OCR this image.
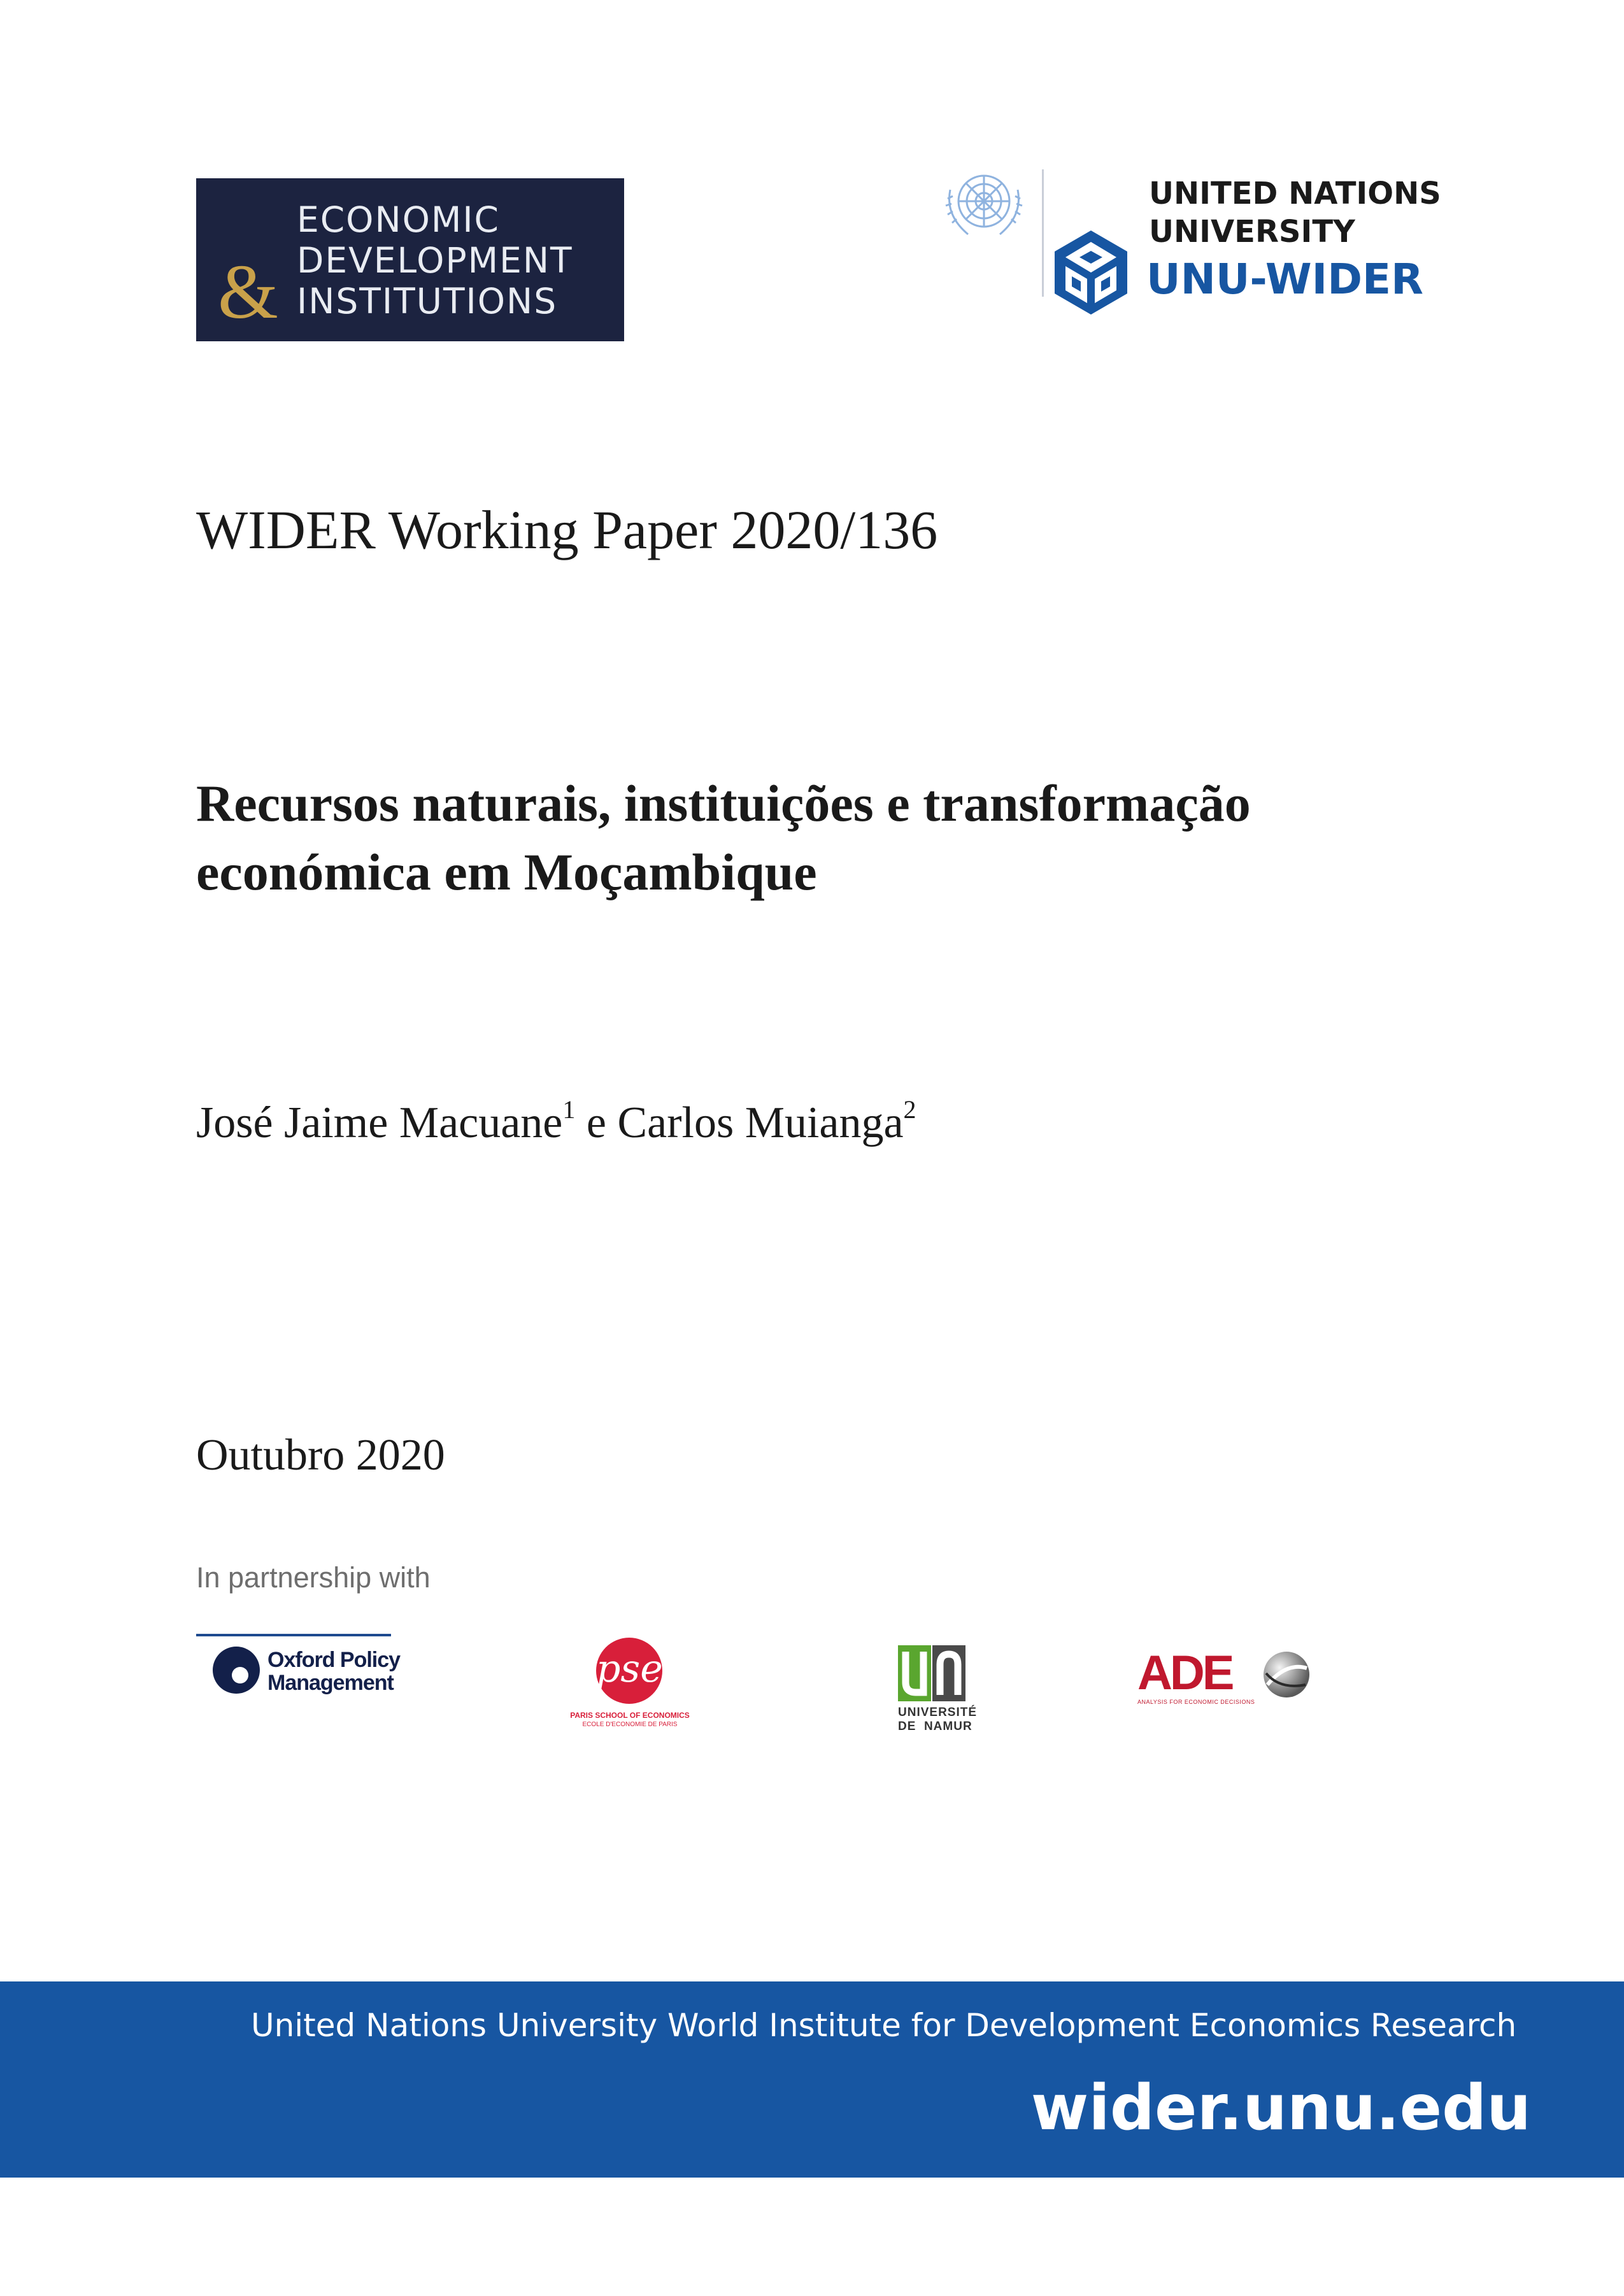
&
ECONOMIC
DEVELOPMENT
INSTITUTIONS
UNITED NATIONS
UNIVERSITY
UNU-WIDER
WIDER Working Paper 2020/136
Recursos naturais, instituições e transformação económica em Moçambique
José Jaime Macuane$^1$ e Carlos Muianga$^2$
Outubro 2020
In partnership with
Oxford Policy
Management	pse
PARIS SCHOOL OF ECONOMICS
ECOLE D'ECONOMIE DE PARIS
UNIVERSITÉ
DE  NAMUR
ADE
ANALYSIS FOR ECONOMIC DECISIONS
United Nations University World Institute for Development Economics Research
wider.unu.edu
